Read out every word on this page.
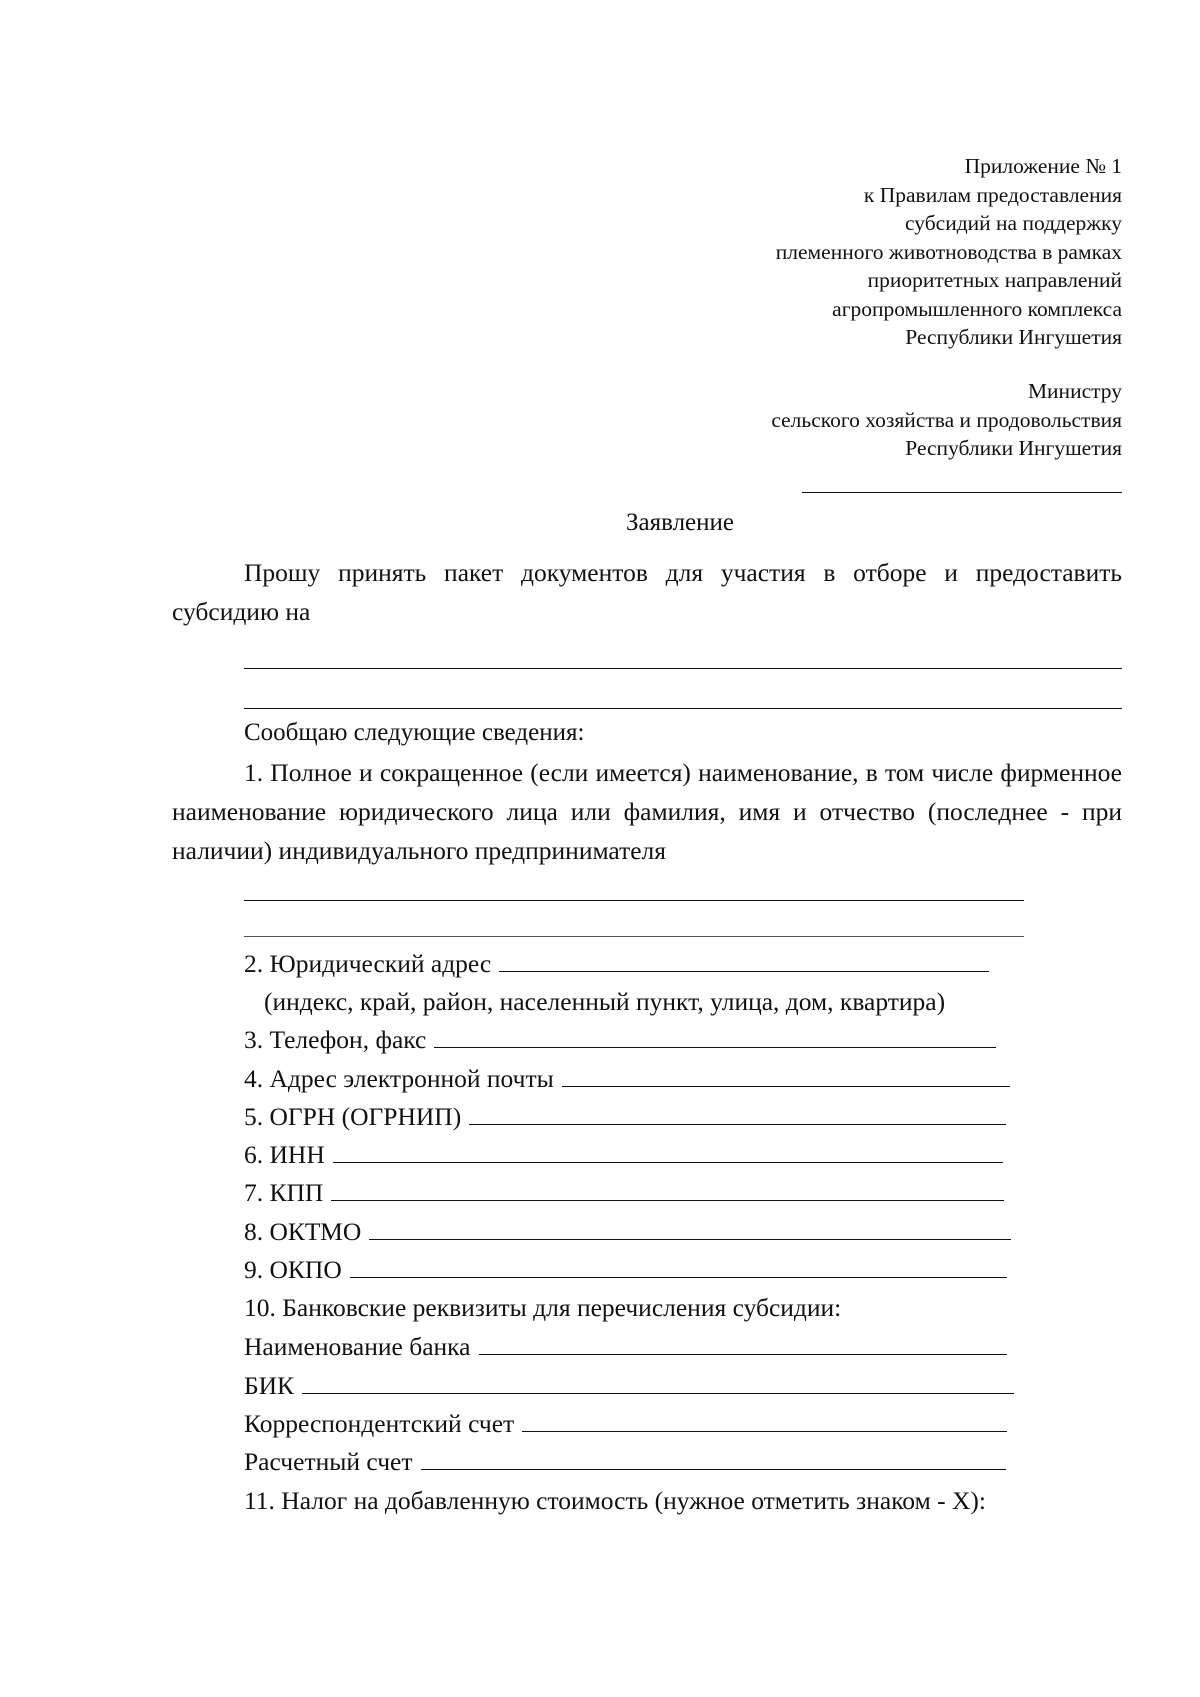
Приложение № 1
к Правилам предоставления
субсидий на поддержку
племенного животноводства в рамках
приоритетных направлений
агропромышленного комплекса
Республики Ингушетия
Министру
сельского хозяйства и продовольствия
Республики Ингушетия
Заявление
Прошу принять пакет документов для участия в отборе и предоставить субсидию на
Сообщаю следующие сведения:
1. Полное и сокращенное (если имеется) наименование, в том числе фирменное наименование юридического лица или фамилия, имя и отчество (последнее - при наличии) индивидуального предпринимателя
2. Юридический адрес
(индекс, край, район, населенный пункт, улица, дом, квартира)
3. Телефон, факс
4. Адрес электронной почты
5. ОГРН (ОГРНИП)
6. ИНН
7. КПП
8. ОКТМО
9. ОКПО
10. Банковские реквизиты для перечисления субсидии:
Наименование банка
БИК
Корреспондентский счет
Расчетный счет
11. Налог на добавленную стоимость (нужное отметить знаком - Х):
